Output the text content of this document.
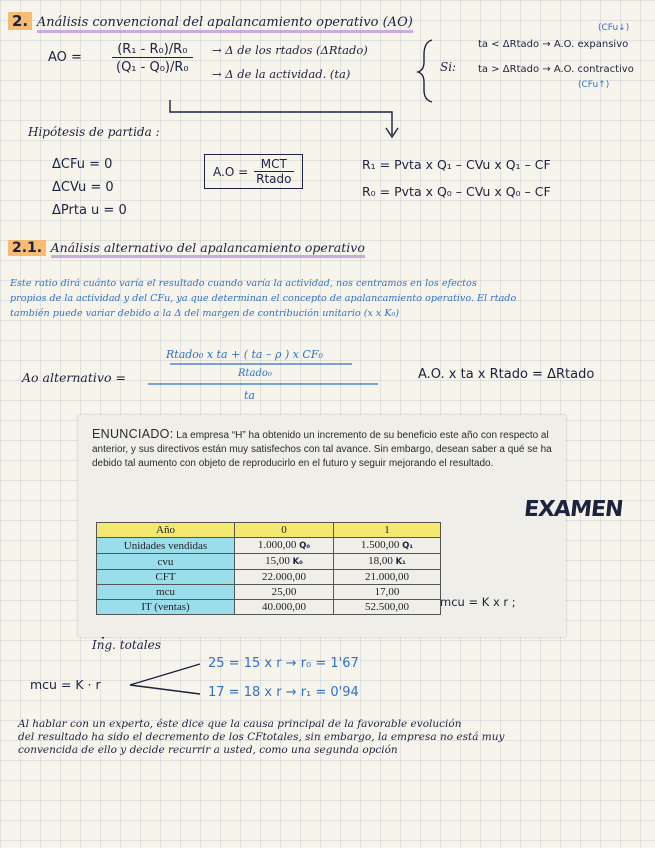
2. Análisis convencional del apalancamiento operativo (AO)
AO = $\frac{\text{(R₁ - R₀)/R₀}}{\text{(Q₁ - Q₀)/R₀}} \to \Delta$ de los rtados (ΔRtado)
→ Δ de la actividad. (ta)	Si:
ta < ΔRtado → A.O. expansivo
(CFu↓)
ta > ΔRtado → A.O. contractivo
(CFu↑)
Hipótesis de partida :
ΔCFu = 0
ΔCVu = 0
ΔPrta u = 0
$A.O = \frac{\text{MCT}}{\text{Rtado}}$	R₁ = Pvta x Q₁ – CVu x Q₁ – CF
R₀ = Pvta x Q₀ – CVu x Q₀ – CF
2.1. Análisis alternativo del apalancamiento operativo
Este ratio dirá cuánto varía el resultado cuando varía la actividad, nos centramos en los efectos
propios de la actividad y del CFu, ya que determinan el concepto de apalancamiento operativo. El rtado
también puede variar debido a la Δ del margen de contribución unitario (x x K₀)
Ao alternativo =
Rtado₀ x ta + ( ta – ρ ) x CF₀
Rtado₀
ta
A.O. x ta x Rtado = ΔRtado
ENUNCIADO: La empresa “H” ha obtenido un incremento de su beneficio este año con respecto al anterior, y sus directivos están muy satisfechos con tal avance. Sin embargo, desean saber a qué se ha debido tal aumento con objeto de reproducirlo en el futuro y seguir mejorando el resultado.
Año	0	1
Unidades vendidas	1.000,00 Q₀	1.500,00 Q₁
cvu	15,00 K₀	18,00 K₁
CFT	22.000,00	21.000,00
mcu	25,00	17,00
IT (ventas)	40.000,00	52.500,00
EXAMEN
mcu = K x r ;
Ing. totales
mcu = K · r
25 = 15 x r → r₀ = 1'67
17 = 18 x r → r₁ = 0'94
Al hablar con un experto, éste dice que la causa principal de la favorable evolución
del resultado ha sido el decremento de los CFtotales, sin embargo, la empresa no está muy
convencida de ello y decide recurrir a usted, como una segunda opción
